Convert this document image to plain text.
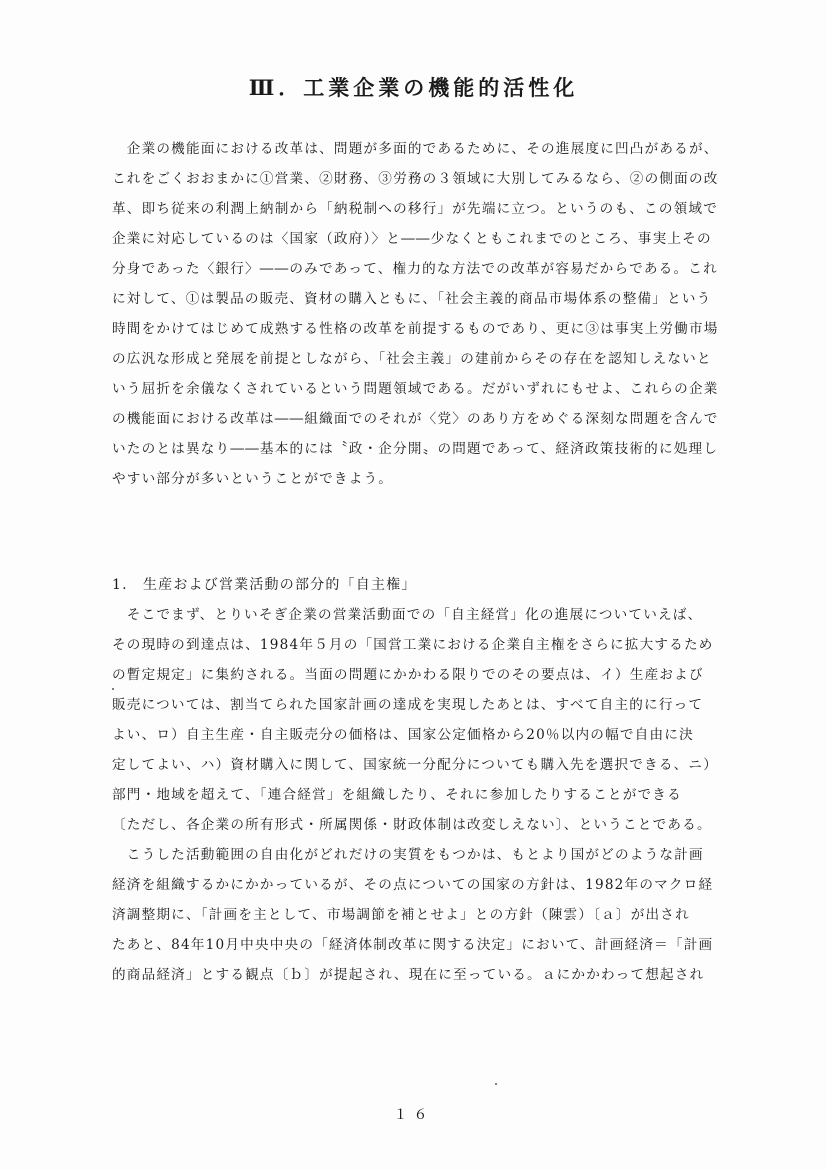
Ⅲ．工業企業の機能的活性化
　企業の機能面における改革は、問題が多面的であるために、その進展度に凹凸があるが、
これをごくおおまかに①営業、②財務、③労務の３領域に大別してみるなら、②の側面の改
革、即ち従来の利潤上納制から「納税制への移行」が先端に立つ。というのも、この領域で
企業に対応しているのは〈国家（政府）〉と――少なくともこれまでのところ、事実上その
分身であった〈銀行〉――のみであって、権力的な方法での改革が容易だからである。これ
に対して、①は製品の販売、資材の購入ともに、「社会主義的商品市場体系の整備」という
時間をかけてはじめて成熟する性格の改革を前提するものであり、更に③は事実上労働市場
の広汎な形成と発展を前提としながら、「社会主義」の建前からその存在を認知しえないと
いう屈折を余儀なくされているという問題領域である。だがいずれにもせよ、これらの企業
の機能面における改革は――組織面でのそれが〈党〉のあり方をめぐる深刻な問題を含んで
いたのとは異なり――基本的には〝政・企分開〟の問題であって、経済政策技術的に処理し
やすい部分が多いということができよう。
1.　生産および営業活動の部分的「自主権」
　そこでまず、とりいそぎ企業の営業活動面での「自主経営」化の進展についていえば、
その現時の到達点は、1984年５月の「国営工業における企業自主権をさらに拡大するため
の暫定規定」に集約される。当面の問題にかかわる限りでのその要点は、イ）生産および
販売については、割当てられた国家計画の達成を実現したあとは、すべて自主的に行って
よい、ロ）自主生産・自主販売分の価格は、国家公定価格から20％以内の幅で自由に決
定してよい、ハ）資材購入に関して、国家統一分配分についても購入先を選択できる、ニ）
部門・地域を超えて、「連合経営」を組織したり、それに参加したりすることができる
〔ただし、各企業の所有形式・所属関係・財政体制は改変しえない〕、ということである。
　こうした活動範囲の自由化がどれだけの実質をもつかは、もとより国がどのような計画
経済を組織するかにかかっているが、その点についての国家の方針は、1982年のマクロ経
済調整期に、「計画を主として、市場調節を補とせよ」との方針（陳雲）〔ａ〕が出され
たあと、84年10月中央中央の「経済体制改革に関する決定」において、計画経済＝「計画
的商品経済」とする観点〔ｂ〕が提起され、現在に至っている。ａにかかわって想起され
１６
